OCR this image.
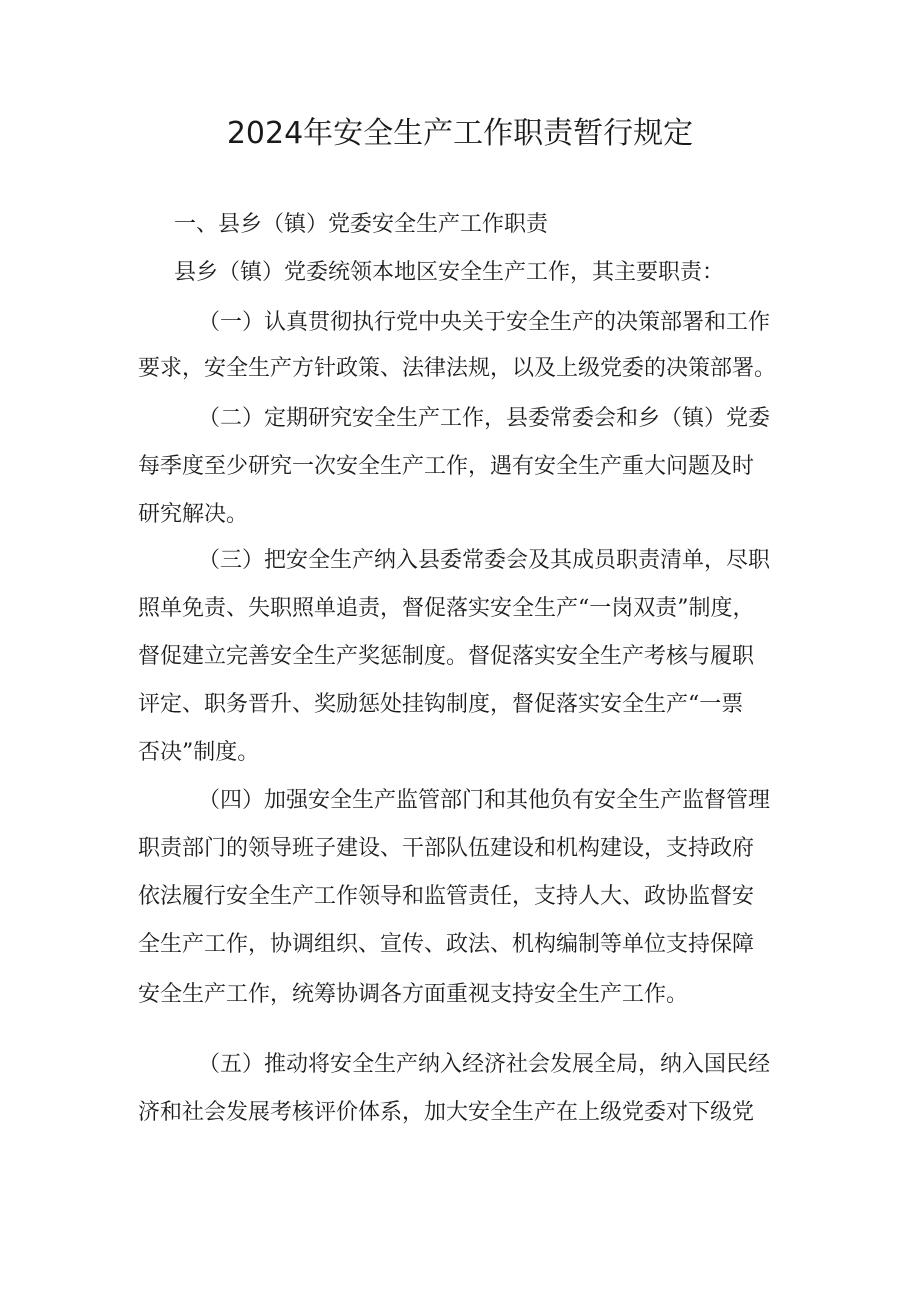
2024年安全生产工作职责暂行规定
一、县乡（镇）党委安全生产工作职责
县乡（镇）党委统领本地区安全生产工作，其主要职责：
（一）认真贯彻执行党中央关于安全生产的决策部署和工作
要求，安全生产方针政策、法律法规，以及上级党委的决策部署。
（二）定期研究安全生产工作，县委常委会和乡（镇）党委
每季度至少研究一次安全生产工作，遇有安全生产重大问题及时
研究解决。
（三）把安全生产纳入县委常委会及其成员职责清单，尽职
照单免责、失职照单追责，督促落实安全生产“一岗双责”制度，
督促建立完善安全生产奖惩制度。督促落实安全生产考核与履职
评定、职务晋升、奖励惩处挂钩制度，督促落实安全生产“一票
否决”制度。
（四）加强安全生产监管部门和其他负有安全生产监督管理
职责部门的领导班子建设、干部队伍建设和机构建设，支持政府
依法履行安全生产工作领导和监管责任，支持人大、政协监督安
全生产工作，协调组织、宣传、政法、机构编制等单位支持保障
安全生产工作，统筹协调各方面重视支持安全生产工作。
（五）推动将安全生产纳入经济社会发展全局，纳入国民经
济和社会发展考核评价体系，加大安全生产在上级党委对下级党
